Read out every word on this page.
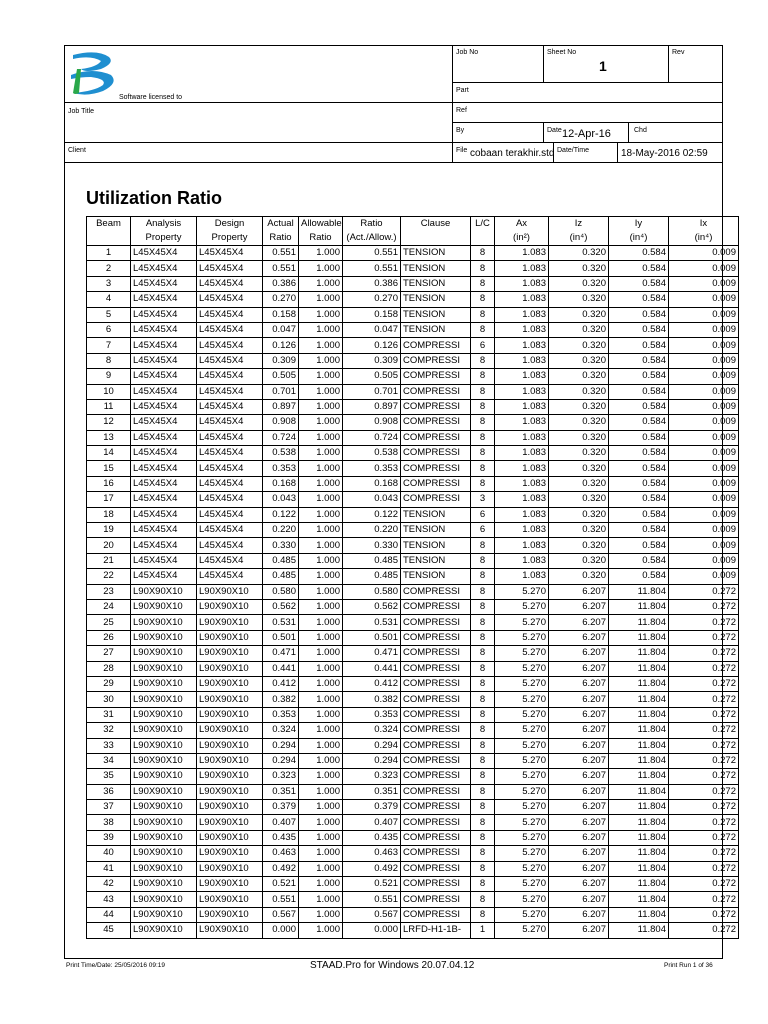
Software licensed to
Job No	Sheet No
1
Rev
Part
Job Title	Ref
By	Date 12-Apr-16	Chd
Client	File cobaan terakhir.std Date/Time	18-May-2016 02:59
Utilization Ratio
Beam	Analysis	Design	Actual	Allowable	Ratio	Clause	L/C	Ax	Iz	Iy	Ix
	Property	Property	Ratio	Ratio	(Act./Allow.)			(in²)	(in⁴)	(in⁴)	(in⁴)
1	L45X45X4	L45X45X4	0.551	1.000	0.551	TENSION	8	1.083	0.320	0.584	0.009
2	L45X45X4	L45X45X4	0.551	1.000	0.551	TENSION	8	1.083	0.320	0.584	0.009
3	L45X45X4	L45X45X4	0.386	1.000	0.386	TENSION	8	1.083	0.320	0.584	0.009
4	L45X45X4	L45X45X4	0.270	1.000	0.270	TENSION	8	1.083	0.320	0.584	0.009
5	L45X45X4	L45X45X4	0.158	1.000	0.158	TENSION	8	1.083	0.320	0.584	0.009
6	L45X45X4	L45X45X4	0.047	1.000	0.047	TENSION	8	1.083	0.320	0.584	0.009
7	L45X45X4	L45X45X4	0.126	1.000	0.126	COMPRESSI	6	1.083	0.320	0.584	0.009
8	L45X45X4	L45X45X4	0.309	1.000	0.309	COMPRESSI	8	1.083	0.320	0.584	0.009
9	L45X45X4	L45X45X4	0.505	1.000	0.505	COMPRESSI	8	1.083	0.320	0.584	0.009
10	L45X45X4	L45X45X4	0.701	1.000	0.701	COMPRESSI	8	1.083	0.320	0.584	0.009
11	L45X45X4	L45X45X4	0.897	1.000	0.897	COMPRESSI	8	1.083	0.320	0.584	0.009
12	L45X45X4	L45X45X4	0.908	1.000	0.908	COMPRESSI	8	1.083	0.320	0.584	0.009
13	L45X45X4	L45X45X4	0.724	1.000	0.724	COMPRESSI	8	1.083	0.320	0.584	0.009
14	L45X45X4	L45X45X4	0.538	1.000	0.538	COMPRESSI	8	1.083	0.320	0.584	0.009
15	L45X45X4	L45X45X4	0.353	1.000	0.353	COMPRESSI	8	1.083	0.320	0.584	0.009
16	L45X45X4	L45X45X4	0.168	1.000	0.168	COMPRESSI	8	1.083	0.320	0.584	0.009
17	L45X45X4	L45X45X4	0.043	1.000	0.043	COMPRESSI	3	1.083	0.320	0.584	0.009
18	L45X45X4	L45X45X4	0.122	1.000	0.122	TENSION	6	1.083	0.320	0.584	0.009
19	L45X45X4	L45X45X4	0.220	1.000	0.220	TENSION	6	1.083	0.320	0.584	0.009
20	L45X45X4	L45X45X4	0.330	1.000	0.330	TENSION	8	1.083	0.320	0.584	0.009
21	L45X45X4	L45X45X4	0.485	1.000	0.485	TENSION	8	1.083	0.320	0.584	0.009
22	L45X45X4	L45X45X4	0.485	1.000	0.485	TENSION	8	1.083	0.320	0.584	0.009
23	L90X90X10	L90X90X10	0.580	1.000	0.580	COMPRESSI	8	5.270	6.207	11.804	0.272
24	L90X90X10	L90X90X10	0.562	1.000	0.562	COMPRESSI	8	5.270	6.207	11.804	0.272
25	L90X90X10	L90X90X10	0.531	1.000	0.531	COMPRESSI	8	5.270	6.207	11.804	0.272
26	L90X90X10	L90X90X10	0.501	1.000	0.501	COMPRESSI	8	5.270	6.207	11.804	0.272
27	L90X90X10	L90X90X10	0.471	1.000	0.471	COMPRESSI	8	5.270	6.207	11.804	0.272
28	L90X90X10	L90X90X10	0.441	1.000	0.441	COMPRESSI	8	5.270	6.207	11.804	0.272
29	L90X90X10	L90X90X10	0.412	1.000	0.412	COMPRESSI	8	5.270	6.207	11.804	0.272
30	L90X90X10	L90X90X10	0.382	1.000	0.382	COMPRESSI	8	5.270	6.207	11.804	0.272
31	L90X90X10	L90X90X10	0.353	1.000	0.353	COMPRESSI	8	5.270	6.207	11.804	0.272
32	L90X90X10	L90X90X10	0.324	1.000	0.324	COMPRESSI	8	5.270	6.207	11.804	0.272
33	L90X90X10	L90X90X10	0.294	1.000	0.294	COMPRESSI	8	5.270	6.207	11.804	0.272
34	L90X90X10	L90X90X10	0.294	1.000	0.294	COMPRESSI	8	5.270	6.207	11.804	0.272
35	L90X90X10	L90X90X10	0.323	1.000	0.323	COMPRESSI	8	5.270	6.207	11.804	0.272
36	L90X90X10	L90X90X10	0.351	1.000	0.351	COMPRESSI	8	5.270	6.207	11.804	0.272
37	L90X90X10	L90X90X10	0.379	1.000	0.379	COMPRESSI	8	5.270	6.207	11.804	0.272
38	L90X90X10	L90X90X10	0.407	1.000	0.407	COMPRESSI	8	5.270	6.207	11.804	0.272
39	L90X90X10	L90X90X10	0.435	1.000	0.435	COMPRESSI	8	5.270	6.207	11.804	0.272
40	L90X90X10	L90X90X10	0.463	1.000	0.463	COMPRESSI	8	5.270	6.207	11.804	0.272
41	L90X90X10	L90X90X10	0.492	1.000	0.492	COMPRESSI	8	5.270	6.207	11.804	0.272
42	L90X90X10	L90X90X10	0.521	1.000	0.521	COMPRESSI	8	5.270	6.207	11.804	0.272
43	L90X90X10	L90X90X10	0.551	1.000	0.551	COMPRESSI	8	5.270	6.207	11.804	0.272
44	L90X90X10	L90X90X10	0.567	1.000	0.567	COMPRESSI	8	5.270	6.207	11.804	0.272
45	L90X90X10	L90X90X10	0.000	1.000	0.000	LRFD-H1-1B-	1	5.270	6.207	11.804	0.272
Print Time/Date: 25/05/2016 09:19	STAAD.Pro for Windows 20.07.04.12	Print Run 1 of 36
